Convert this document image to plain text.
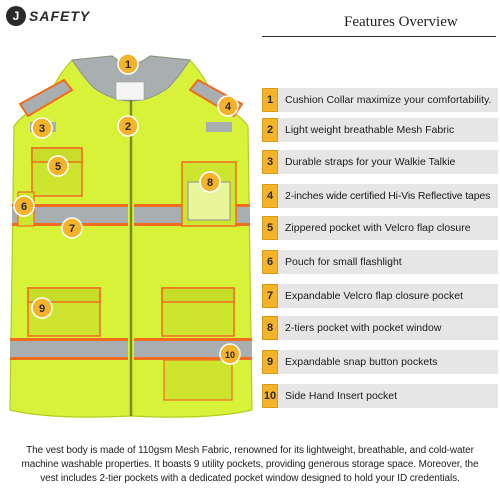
J SAFETY	Features Overview
1
2
3
4
5
6
7
8
9
10
1	Cushion Collar maximize your comfortability.
2	Light weight breathable Mesh Fabric
3	Durable straps for your Walkie Talkie
4	2-inches wide certified Hi-Vis Reflective tapes
5	Zippered pocket with Velcro flap closure
6	Pouch for small flashlight
7	Expandable Velcro flap closure pocket
8	2-tiers pocket with pocket window
9	Expandable snap button pockets
10 Side Hand Insert pocket
The vest body is made of 110gsm Mesh Fabric, renowned for its lightweight, breathable, and cold-water machine washable properties. It boasts 9 utility pockets, providing generous storage space. Moreover, the vest includes 2-tier pockets with a dedicated pocket window designed to hold your ID credentials.
